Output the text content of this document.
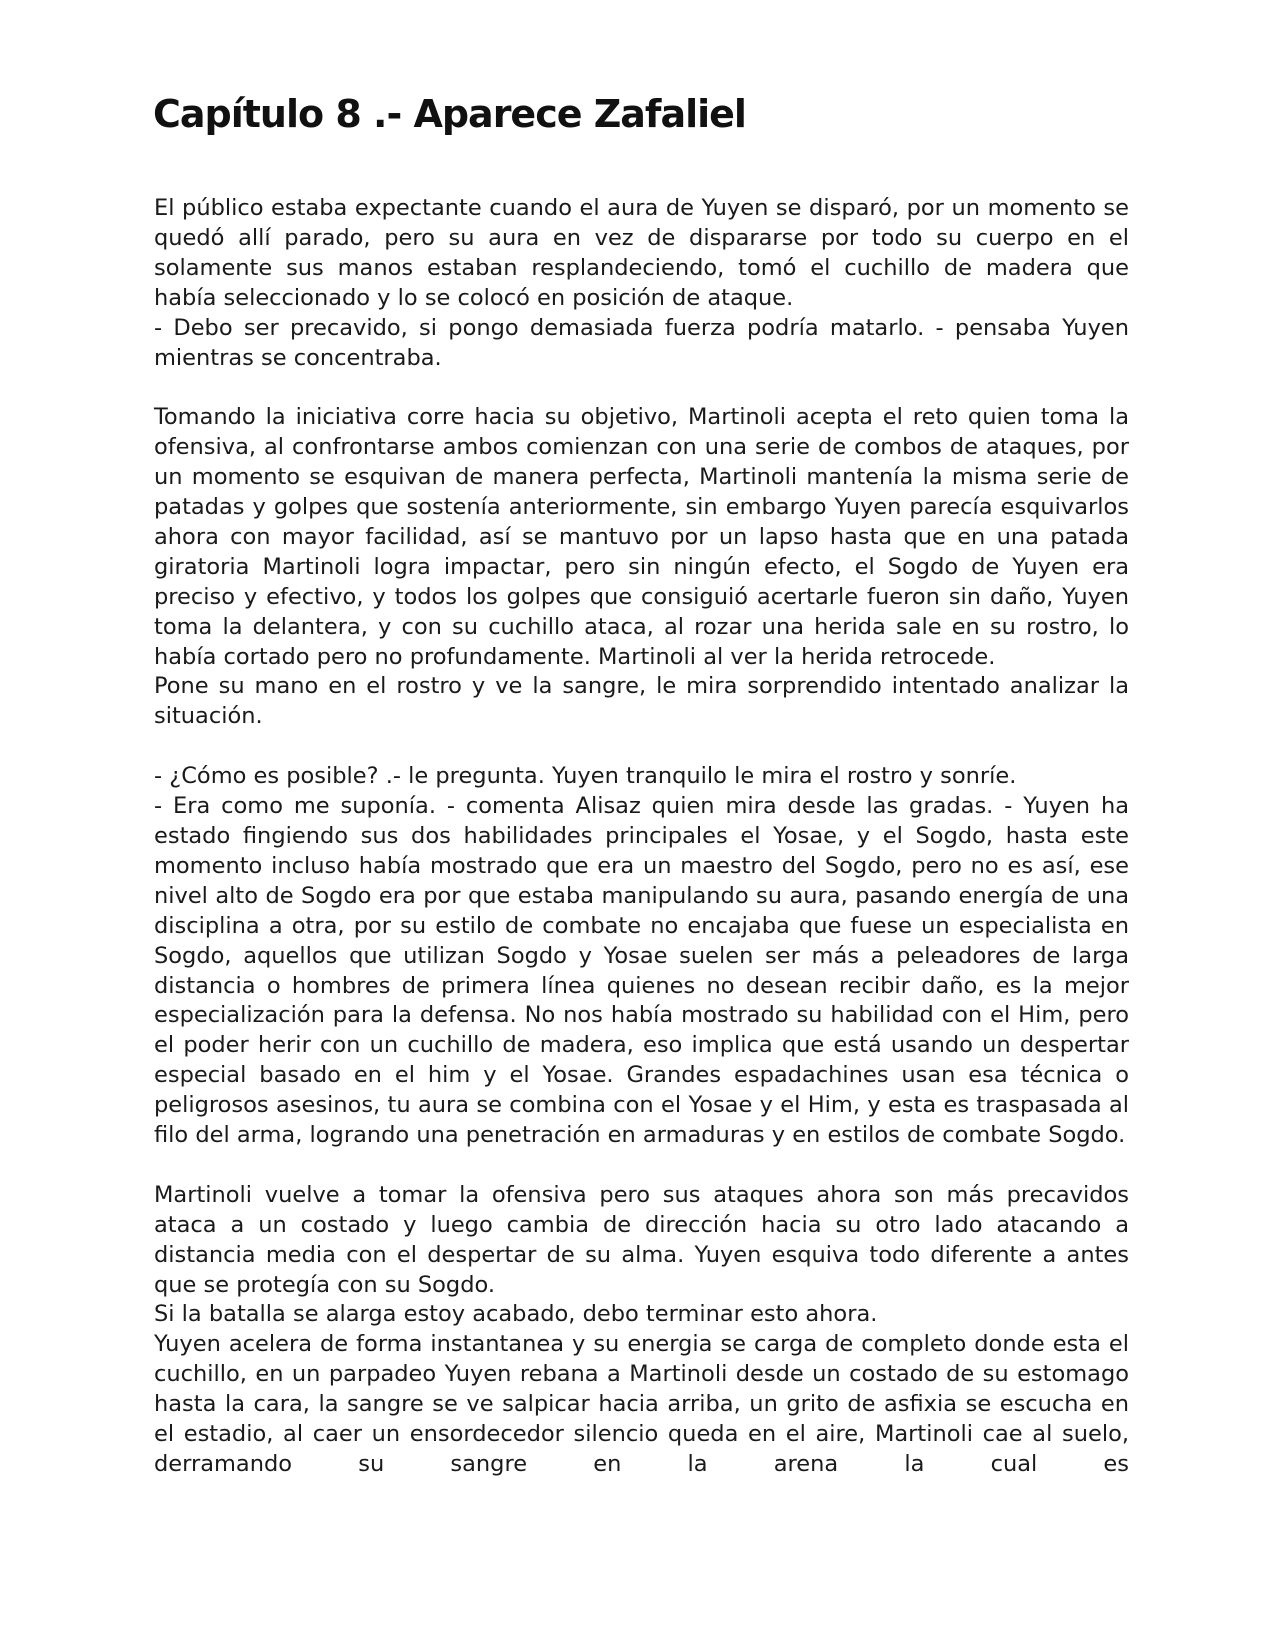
Capítulo 8 .- Aparece Zafaliel

El público estaba expectante cuando el aura de Yuyen se disparó, por un momento se quedó allí parado, pero su aura en vez de dispararse por todo su cuerpo en el solamente sus manos estaban resplandeciendo, tomó el cuchillo de madera que había seleccionado y lo se colocó en posición de ataque.

- Debo ser precavido, si pongo demasiada fuerza podría matarlo. - pensaba Yuyen mientras se concentraba.

Tomando la iniciativa corre hacia su objetivo, Martinoli acepta el reto quien toma la ofensiva, al confrontarse ambos comienzan con una serie de combos de ataques, por un momento se esquivan de manera perfecta, Martinoli mantenía la misma serie de patadas y golpes que sostenía anteriormente, sin embargo Yuyen parecía esquivarlos ahora con mayor facilidad, así se mantuvo por un lapso hasta que en una patada giratoria Martinoli logra impactar, pero sin ningún efecto, el Sogdo de Yuyen era preciso y efectivo, y todos los golpes que consiguió acertarle fueron sin daño, Yuyen toma la delantera, y con su cuchillo ataca, al rozar una herida sale en su rostro, lo había cortado pero no profundamente. Martinoli al ver la herida retrocede.

Pone su mano en el rostro y ve la sangre, le mira sorprendido intentado analizar la situación.

- ¿Cómo es posible? .- le pregunta. Yuyen tranquilo le mira el rostro y sonríe.

- Era como me suponía. - comenta Alisaz quien mira desde las gradas. - Yuyen ha estado fingiendo sus dos habilidades principales el Yosae, y el Sogdo, hasta este momento incluso había mostrado que era un maestro del Sogdo, pero no es así, ese nivel alto de Sogdo era por que estaba manipulando su aura, pasando energía de una disciplina a otra, por su estilo de combate no encajaba que fuese un especialista en Sogdo, aquellos que utilizan Sogdo y Yosae suelen ser más a peleadores de larga distancia o hombres de primera línea quienes no desean recibir daño, es la mejor especialización para la defensa. No nos había mostrado su habilidad con el Him, pero el poder herir con un cuchillo de madera, eso implica que está usando un despertar especial basado en el him y el Yosae. Grandes espadachines usan esa técnica o peligrosos asesinos, tu aura se combina con el Yosae y el Him, y esta es traspasada al filo del arma, logrando una penetración en armaduras y en estilos de combate Sogdo.

Martinoli vuelve a tomar la ofensiva pero sus ataques ahora son más precavidos ataca a un costado y luego cambia de dirección hacia su otro lado atacando a distancia media con el despertar de su alma. Yuyen esquiva todo diferente a antes que se protegía con su Sogdo.

Si la batalla se alarga estoy acabado, debo terminar esto ahora.

Yuyen acelera de forma instantanea y su energia se carga de completo donde esta el cuchillo, en un parpadeo Yuyen rebana a Martinoli desde un costado de su estomago hasta la cara, la sangre se ve salpicar hacia arriba, un grito de asfixia se escucha en el estadio, al caer un ensordecedor silencio queda en el aire, Martinoli cae al suelo, derramando su sangre en la arena la cual es
